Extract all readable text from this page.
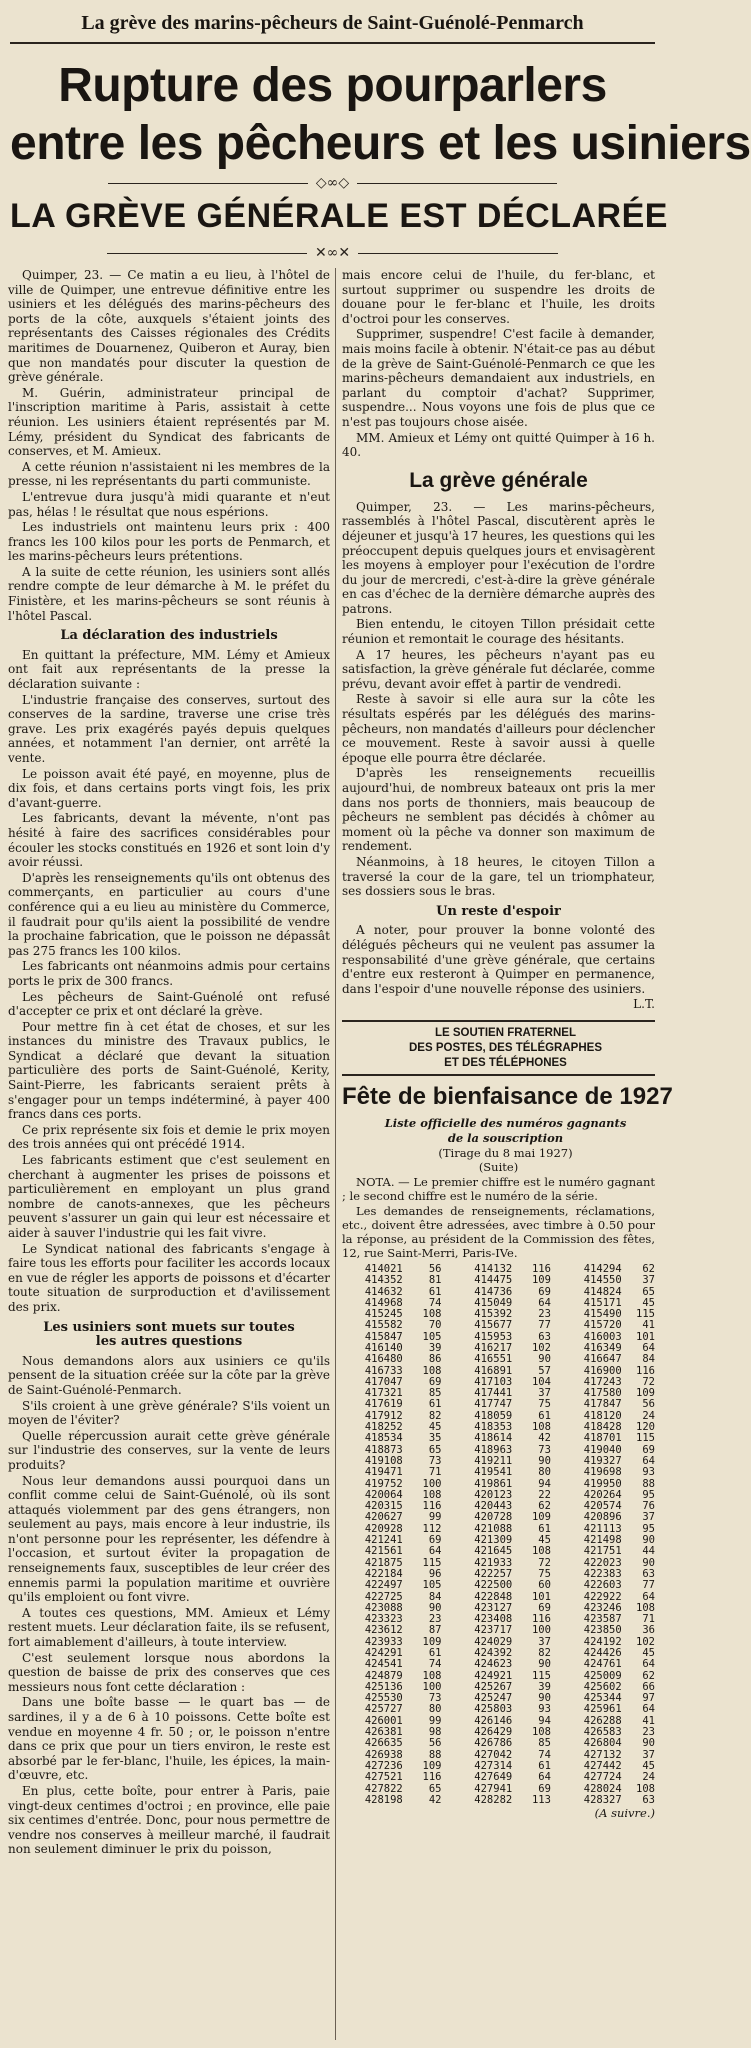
La grève des marins-pêcheurs de Saint-Guénolé-Penmarch
Rupture des pourparlers
entre les pêcheurs et les usiniers
◇∞◇
LA GRÈVE GÉNÉRALE EST DÉCLARÉE
✕∞✕

Quimper, 23. — Ce matin a eu lieu, à l'hôtel de ville de Quimper, une entrevue définitive entre les usiniers et les délégués des marins-pêcheurs des ports de la côte, auxquels s'étaient joints des représentants des Caisses régionales des Crédits maritimes de Douarnenez, Quiberon et Auray, bien que non mandatés pour discuter la question de grève générale.

M. Guérin, administrateur principal de l'inscription maritime à Paris, assistait à cette réunion. Les usiniers étaient représentés par M. Lémy, président du Syndicat des fabricants de conserves, et M. Amieux.

A cette réunion n'assistaient ni les membres de la presse, ni les représentants du parti communiste.

L'entrevue dura jusqu'à midi quarante et n'eut pas, hélas ! le résultat que nous espérions.

Les industriels ont maintenu leurs prix : 400 francs les 100 kilos pour les ports de Penmarch, et les marins-pêcheurs leurs prétentions.

A la suite de cette réunion, les usiniers sont allés rendre compte de leur démarche à M. le préfet du Finistère, et les marins-pêcheurs se sont réunis à l'hôtel Pascal.

La déclaration des industriels

En quittant la préfecture, MM. Lémy et Amieux ont fait aux représentants de la presse la déclaration suivante :

L'industrie française des conserves, surtout des conserves de la sardine, traverse une crise très grave. Les prix exagérés payés depuis quelques années, et notamment l'an dernier, ont arrêté la vente.

Le poisson avait été payé, en moyenne, plus de dix fois, et dans certains ports vingt fois, les prix d'avant-guerre.

Les fabricants, devant la mévente, n'ont pas hésité à faire des sacrifices considérables pour écouler les stocks constitués en 1926 et sont loin d'y avoir réussi.

D'après les renseignements qu'ils ont obtenus des commerçants, en particulier au cours d'une conférence qui a eu lieu au ministère du Commerce, il faudrait pour qu'ils aient la possibilité de vendre la prochaine fabrication, que le poisson ne dépassât pas 275 francs les 100 kilos.

Les fabricants ont néanmoins admis pour certains ports le prix de 300 francs.

Les pêcheurs de Saint-Guénolé ont refusé d'accepter ce prix et ont déclaré la grève.

Pour mettre fin à cet état de choses, et sur les instances du ministre des Travaux publics, le Syndicat a déclaré que devant la situation particulière des ports de Saint-Guénolé, Kerity, Saint-Pierre, les fabricants seraient prêts à s'engager pour un temps indéterminé, à payer 400 francs dans ces ports.

Ce prix représente six fois et demie le prix moyen des trois années qui ont précédé 1914.

Les fabricants estiment que c'est seulement en cherchant à augmenter les prises de poissons et particulièrement en employant un plus grand nombre de canots-annexes, que les pêcheurs peuvent s'assurer un gain qui leur est nécessaire et aider à sauver l'industrie qui les fait vivre.

Le Syndicat national des fabricants s'engage à faire tous les efforts pour faciliter les accords locaux en vue de régler les apports de poissons et d'écarter toute situation de surproduction et d'avilissement des prix.

Les usiniers sont muets sur toutes

les autres questions

Nous demandons alors aux usiniers ce qu'ils pensent de la situation créée sur la côte par la grève de Saint-Guénolé-Penmarch.

S'ils croient à une grève générale? S'ils voient un moyen de l'éviter?

Quelle répercussion aurait cette grève générale sur l'industrie des conserves, sur la vente de leurs produits?

Nous leur demandons aussi pourquoi dans un conflit comme celui de Saint-Guénolé, où ils sont attaqués violemment par des gens étrangers, non seulement au pays, mais encore à leur industrie, ils n'ont personne pour les représenter, les défendre à l'occasion, et surtout éviter la propagation de renseignements faux, susceptibles de leur créer des ennemis parmi la population maritime et ouvrière qu'ils emploient ou font vivre.

A toutes ces questions, MM. Amieux et Lémy restent muets. Leur déclaration faite, ils se refusent, fort aimablement d'ailleurs, à toute interview.

C'est seulement lorsque nous abordons la question de baisse de prix des conserves que ces messieurs nous font cette déclaration :

Dans une boîte basse — le quart bas — de sardines, il y a de 6 à 10 poissons. Cette boîte est vendue en moyenne 4 fr. 50 ; or, le poisson n'entre dans ce prix que pour un tiers environ, le reste est absorbé par le fer-blanc, l'huile, les épices, la main-d'œuvre, etc.

En plus, cette boîte, pour entrer à Paris, paie vingt-deux centimes d'octroi ; en province, elle paie six centimes d'entrée. Donc, pour nous permettre de vendre nos conserves à meilleur marché, il faudrait non seulement diminuer le prix du poisson,

mais encore celui de l'huile, du fer-blanc, et surtout supprimer ou suspendre les droits de douane pour le fer-blanc et l'huile, les droits d'octroi pour les conserves.

Supprimer, suspendre! C'est facile à demander, mais moins facile à obtenir. N'était-ce pas au début de la grève de Saint-Guénolé-Penmarch ce que les marins-pêcheurs demandaient aux industriels, en parlant du comptoir d'achat? Supprimer, suspendre... Nous voyons une fois de plus que ce n'est pas toujours chose aisée.

MM. Amieux et Lémy ont quitté Quimper à 16 h. 40.

La grève générale

Quimper, 23. — Les marins-pêcheurs, rassemblés à l'hôtel Pascal, discutèrent après le déjeuner et jusqu'à 17 heures, les questions qui les préoccupent depuis quelques jours et envisagèrent les moyens à employer pour l'exécution de l'ordre du jour de mercredi, c'est-à-dire la grève générale en cas d'échec de la dernière démarche auprès des patrons.

Bien entendu, le citoyen Tillon présidait cette réunion et remontait le courage des hésitants.

A 17 heures, les pêcheurs n'ayant pas eu satisfaction, la grève générale fut déclarée, comme prévu, devant avoir effet à partir de vendredi.

Reste à savoir si elle aura sur la côte les résultats espérés par les délégués des marins-pêcheurs, non mandatés d'ailleurs pour déclencher ce mouvement. Reste à savoir aussi à quelle époque elle pourra être déclarée.

D'après les renseignements recueillis aujourd'hui, de nombreux bateaux ont pris la mer dans nos ports de thonniers, mais beaucoup de pêcheurs ne semblent pas décidés à chômer au moment où la pêche va donner son maximum de rendement.

Néanmoins, à 18 heures, le citoyen Tillon a traversé la cour de la gare, tel un triomphateur, ses dossiers sous le bras.

Un reste d'espoir

A noter, pour prouver la bonne volonté des délégués pêcheurs qui ne veulent pas assumer la responsabilité d'une grève générale, que certains d'entre eux resteront à Quimper en permanence, dans l'espoir d'une nouvelle réponse des usiniers.

L.T.

LE SOUTIEN FRATERNEL

DES POSTES, DES TÉLÉGRAPHES

ET DES TÉLÉPHONES

Fête de bienfaisance de 1927

Liste officielle des numéros gagnants

de la souscription

(Tirage du 8 mai 1927)
(Suite)

NOTA. — Le premier chiffre est le numéro gagnant ; le second chiffre est le numéro de la série.

Les demandes de renseignements, réclamations, etc., doivent être adressées, avec timbre à 0.50 pour la réponse, au président de la Commission des fêtes, 12, rue Saint-Merri, Paris-IVe.

414021	56	414132	116	414294	62
414352	81	414475	109	414550	37
414632	61	414736	69	414824	65
414968	74	415049	64	415171	45
415245	108	415392	23	415490	115
415582	70	415677	77	415720	41
415847	105	415953	63	416003	101
416140	39	416217	102	416349	64
416480	86	416551	90	416647	84
416733	108	416891	57	416900	116
417047	69	417103	104	417243	72
417321	85	417441	37	417580	109
417619	61	417747	75	417847	56
417912	82	418059	61	418120	24
418252	45	418353	108	418428	120
418534	35	418614	42	418701	115
418873	65	418963	73	419040	69
419108	73	419211	90	419327	64
419471	71	419541	80	419698	93
419752	100	419861	94	419950	88
420064	108	420123	22	420264	95
420315	116	420443	62	420574	76
420627	99	420728	109	420896	37
420928	112	421088	61	421113	95
421241	69	421309	45	421498	90
421561	64	421645	108	421751	44
421875	115	421933	72	422023	90
422184	96	422257	75	422383	63
422497	105	422500	60	422603	77
422725	84	422848	101	422922	64
423088	90	423127	69	423246	108
423323	23	423408	116	423587	71
423612	87	423717	100	423850	36
423933	109	424029	37	424192	102
424291	61	424392	82	424426	45
424541	74	424623	90	424761	64
424879	108	424921	115	425009	62
425136	100	425267	39	425602	66
425530	73	425247	90	425344	97
425727	80	425803	93	425961	64
426001	99	426146	94	426288	41
426381	98	426429	108	426583	23
426635	56	426786	85	426804	90
426938	88	427042	74	427132	37
427236	109	427314	61	427442	45
427521	116	427649	64	427724	24
427822	65	427941	69	428024	108
428198	42	428282	113	428327	63

(A suivre.)
